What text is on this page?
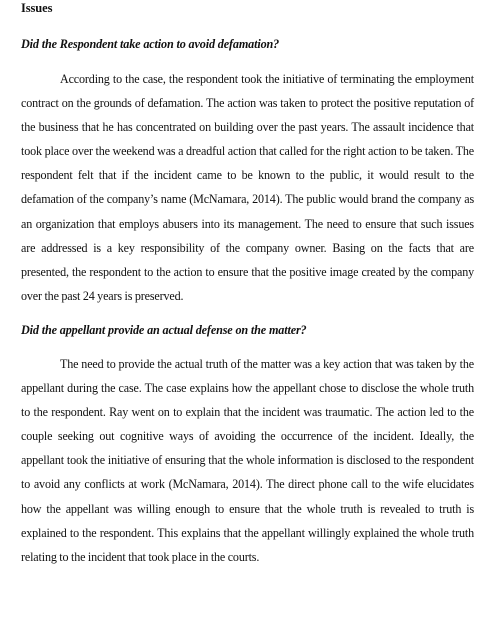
Issues
Did the Respondent take action to avoid defamation?

According to the case, the respondent took the initiative of terminating the employment contract on the grounds of defamation. The action was taken to protect the positive reputation of the business that he has concentrated on building over the past years. The assault incidence that took place over the weekend was a dreadful action that called for the right action to be taken. The respondent felt that if the incident came to be known to the public, it would result to the defamation of the company’s name (McNamara, 2014). The public would brand the company as an organization that employs abusers into its management. The need to ensure that such issues are addressed is a key responsibility of the company owner. Basing on the facts that are presented, the respondent to the action to ensure that the positive image created by the company over the past 24 years is preserved.

Did the appellant provide an actual defense on the matter?

The need to provide the actual truth of the matter was a key action that was taken by the appellant during the case. The case explains how the appellant chose to disclose the whole truth to the respondent. Ray went on to explain that the incident was traumatic. The action led to the couple seeking out cognitive ways of avoiding the occurrence of the incident. Ideally, the appellant took the initiative of ensuring that the whole information is disclosed to the respondent to avoid any conflicts at work (McNamara, 2014). The direct phone call to the wife elucidates how the appellant was willing enough to ensure that the whole truth is revealed to truth is explained to the respondent. This explains that the appellant willingly explained the whole truth relating to the incident that took place in the courts.
